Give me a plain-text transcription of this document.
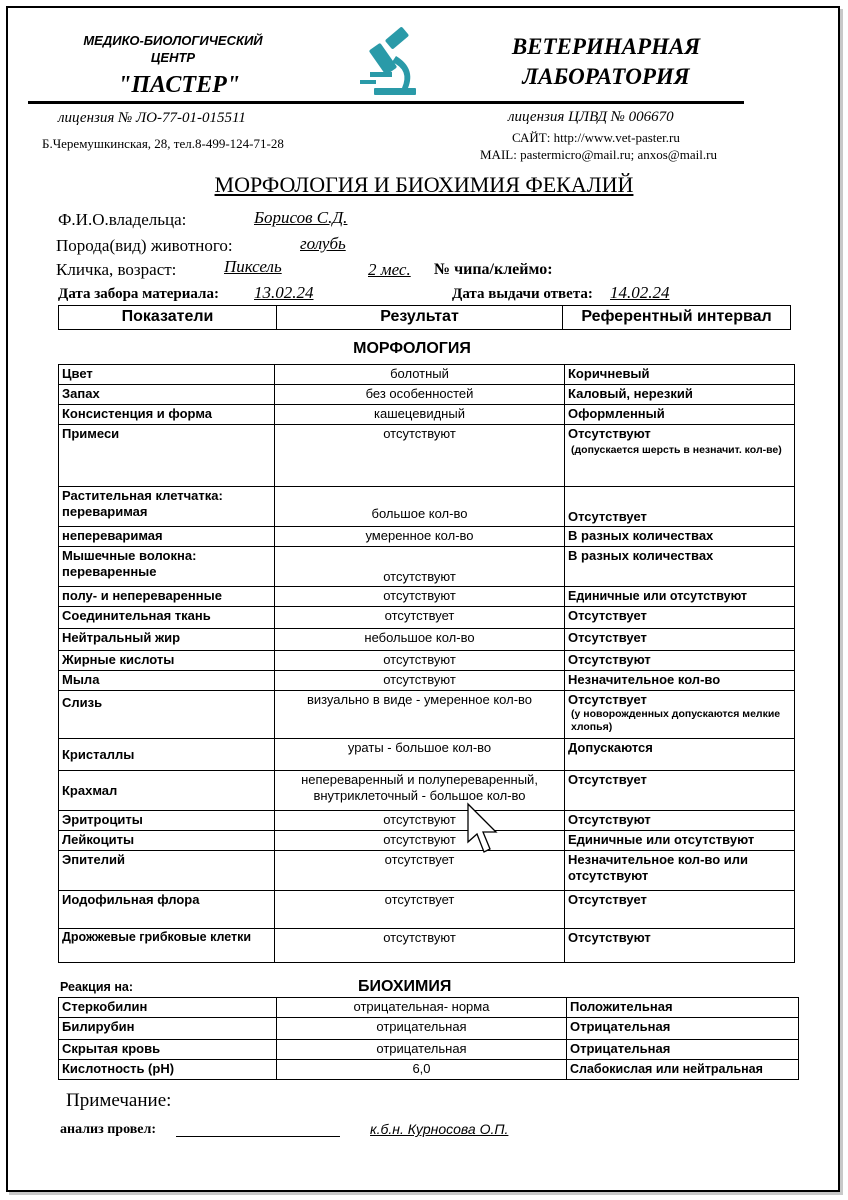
МЕДИКО-БИОЛОГИЧЕСКИЙ
ЦЕНТР
"ПАСТЕР"
ВЕТЕРИНАРНАЯ
ЛАБОРАТОРИЯ
лицензия № ЛО-77-01-015511	лицензия ЦЛВД № 006670
Б.Черемушкинская, 28, тел.8-499-124-71-28	САЙТ: http://www.vet-paster.ru
MAIL: pastermicro@mail.ru; anxos@mail.ru
МОРФОЛОГИЯ И БИОХИМИЯ ФЕКАЛИЙ
Ф.И.О.владельца:	Борисов С.Д.
Порода(вид) животного:	голубь
Кличка, возраст:	Пиксель	2 мес. № чипа/клеймо:
Дата забора материала: 13.02.24	Дата выдачи ответа: 14.02.24
Показатели	Результат	Референтный интервал
МОРФОЛОГИЯ
Цвет	болотный	Коричневый
Запах	без особенностей	Каловый, нерезкий
Консистенция и форма	кашецевидный	Оформленный
Примеси	отсутствуют	Отсутствуют
(допускается шерсть в незначит. кол-ве)

Растительная клетчатка:
переваримая	большое кол-во	Отсутствует
непереваримая	умеренное кол-во	В разных количествах

Мышечные волокна:
переваренные	отсутствуют	В разных количествах
полу- и непереваренные	отсутствуют	Единичные или отсутствуют
Соединительная ткань	отсутствует	Отсутствует
Нейтральный жир	небольшое кол-во	Отсутствует
Жирные кислоты	отсутствуют	Отсутствуют
Мыла	отсутствуют	Незначительное кол-во
Слизь	визуально в виде - умеренное кол-во	Отсутствует
(у новорожденных допускаются мелкие хлопья)

Кристаллы	ураты - большое кол-во	Допускаются
Крахмал	непереваренный и полупереваренный,
внутриклеточный - большое кол-во	Отсутствует
Эритроциты	отсутствуют	Отсутствуют
Лейкоциты	отсутствуют	Единичные или отсутствуют
Эпителий	отсутствует	Незначительное кол-во или отсутствуют
Иодофильная флора	отсутствует	Отсутствует
Дрожжевые грибковые клетки	отсутствуют	Отсутствуют
Реакция на:	БИОХИМИЯ
Стеркобилин	отрицательная- норма	Положительная
Билирубин	отрицательная	Отрицательная
Скрытая кровь	отрицательная	Отрицательная
Кислотность (рН)	6,0	Слабокислая или нейтральная
Примечание:
анализ провел:	к.б.н. Курносова О.П.
